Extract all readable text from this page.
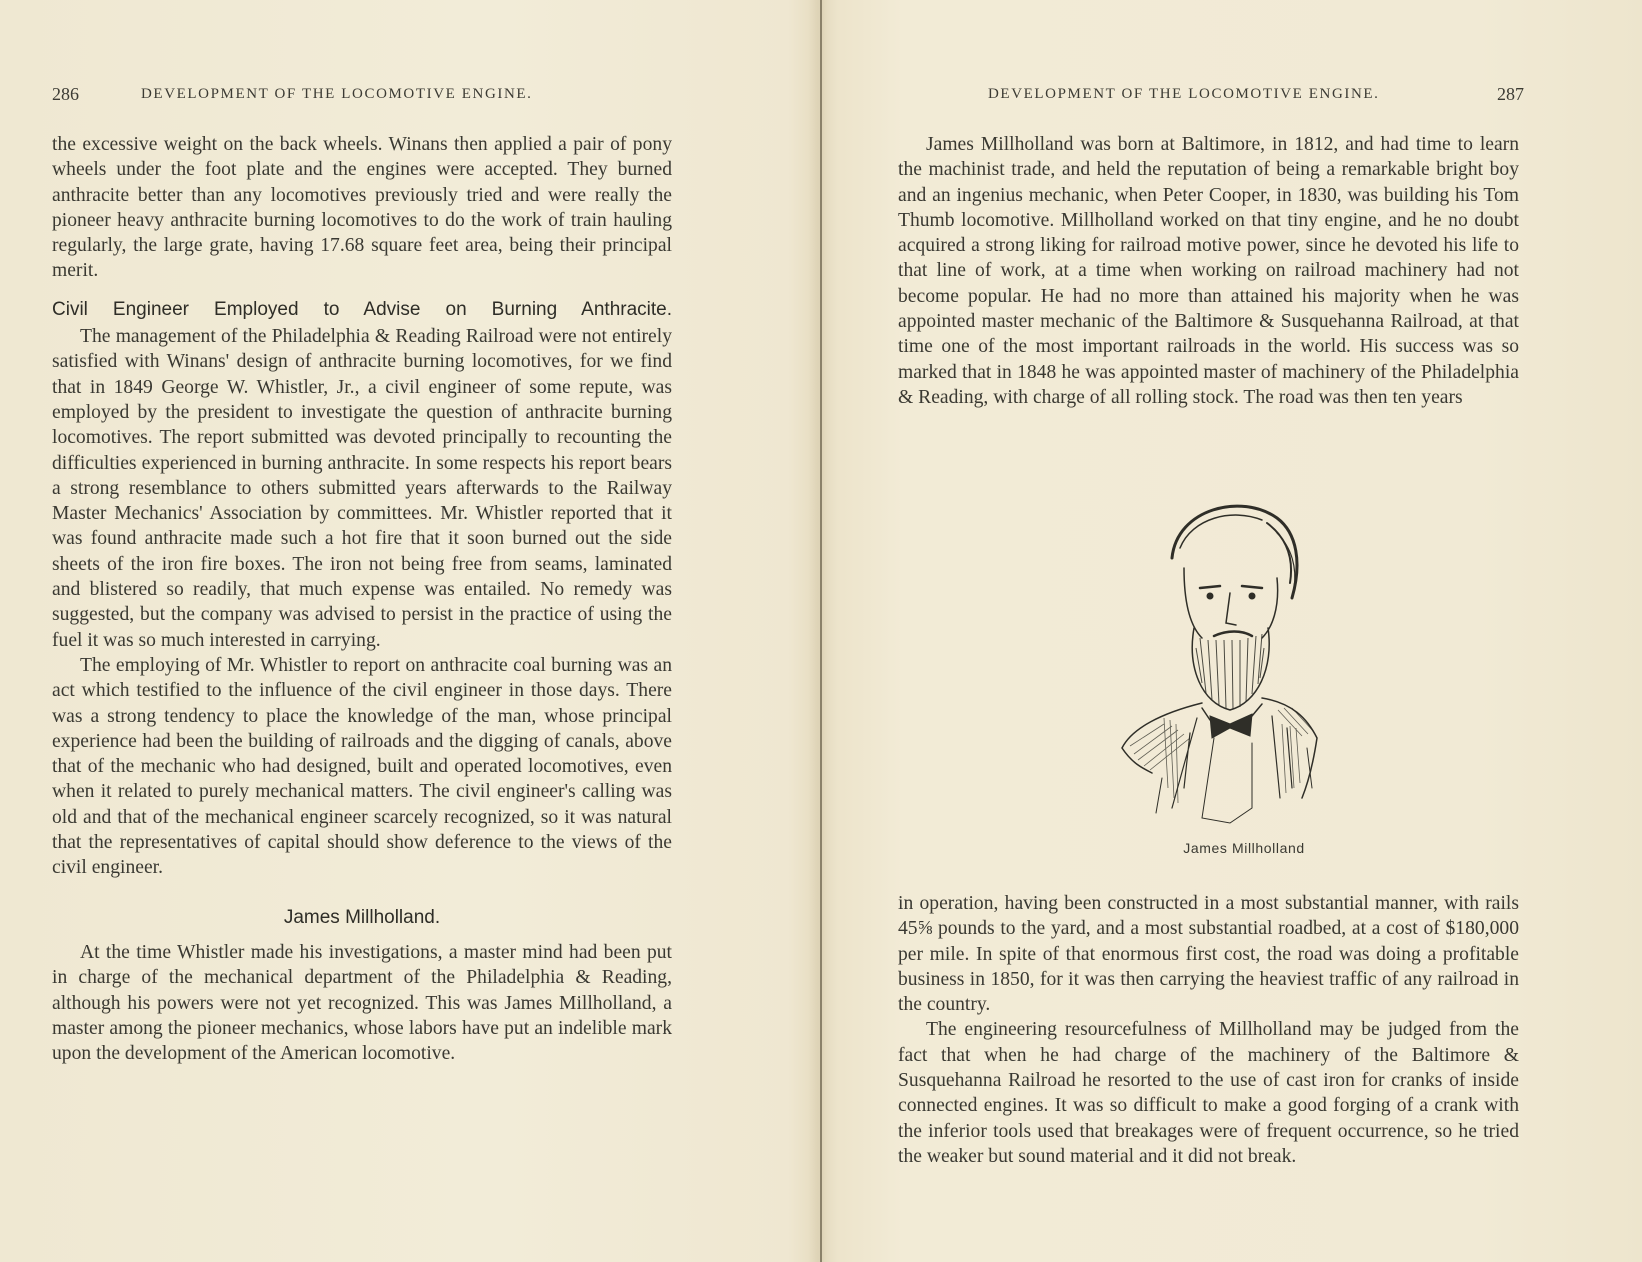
286	DEVELOPMENT OF THE LOCOMOTIVE ENGINE.

the excessive weight on the back wheels. Winans then applied a pair of pony wheels under the foot plate and the engines were accepted. They burned anthracite better than any locomotives previously tried and were really the pioneer heavy anthracite burning locomotives to do the work of train hauling regularly, the large grate, having 17.68 square feet area, being their principal merit.

Civil Engineer Employed to Advise on Burning Anthracite.

The management of the Philadelphia & Reading Railroad were not entirely satisfied with Winans' design of anthracite burning locomotives, for we find that in 1849 George W. Whistler, Jr., a civil engineer of some repute, was employed by the president to investigate the question of anthracite burning locomotives. The report submitted was devoted principally to recounting the difficulties experienced in burning anthracite. In some respects his report bears a strong resemblance to others submitted years afterwards to the Railway Master Mechanics' Association by committees. Mr. Whistler reported that it was found anthracite made such a hot fire that it soon burned out the side sheets of the iron fire boxes. The iron not being free from seams, laminated and blistered so readily, that much expense was entailed. No remedy was suggested, but the company was advised to persist in the practice of using the fuel it was so much interested in carrying.

The employing of Mr. Whistler to report on anthracite coal burning was an act which testified to the influence of the civil engineer in those days. There was a strong tendency to place the knowledge of the man, whose principal experience had been the building of railroads and the digging of canals, above that of the mechanic who had designed, built and operated locomotives, even when it related to purely mechanical matters. The civil engineer's calling was old and that of the mechanical engineer scarcely recognized, so it was natural that the representatives of capital should show deference to the views of the civil engineer.

James Millholland.

At the time Whistler made his investigations, a master mind had been put in charge of the mechanical department of the Philadelphia & Reading, although his powers were not yet recognized. This was James Millholland, a master among the pioneer mechanics, whose labors have put an indelible mark upon the development of the American locomotive.

DEVELOPMENT OF THE LOCOMOTIVE ENGINE.	287

James Millholland was born at Baltimore, in 1812, and had time to learn the machinist trade, and held the reputation of being a remarkable bright boy and an ingenius mechanic, when Peter Cooper, in 1830, was building his Tom Thumb locomotive. Millholland worked on that tiny engine, and he no doubt acquired a strong liking for railroad motive power, since he devoted his life to that line of work, at a time when working on railroad machinery had not become popular. He had no more than attained his majority when he was appointed master mechanic of the Baltimore & Susquehanna Railroad, at that time one of the most important railroads in the world. His success was so marked that in 1848 he was appointed master of machinery of the Philadelphia & Reading, with charge of all rolling stock. The road was then ten years

James Millholland

in operation, having been constructed in a most substantial manner, with rails 45⅝ pounds to the yard, and a most substantial roadbed, at a cost of $180,000 per mile. In spite of that enormous first cost, the road was doing a profitable business in 1850, for it was then carrying the heaviest traffic of any railroad in the country.

The engineering resourcefulness of Millholland may be judged from the fact that when he had charge of the machinery of the Baltimore & Susquehanna Railroad he resorted to the use of cast iron for cranks of inside connected engines. It was so difficult to make a good forging of a crank with the inferior tools used that breakages were of frequent occurrence, so he tried the weaker but sound material and it did not break.
